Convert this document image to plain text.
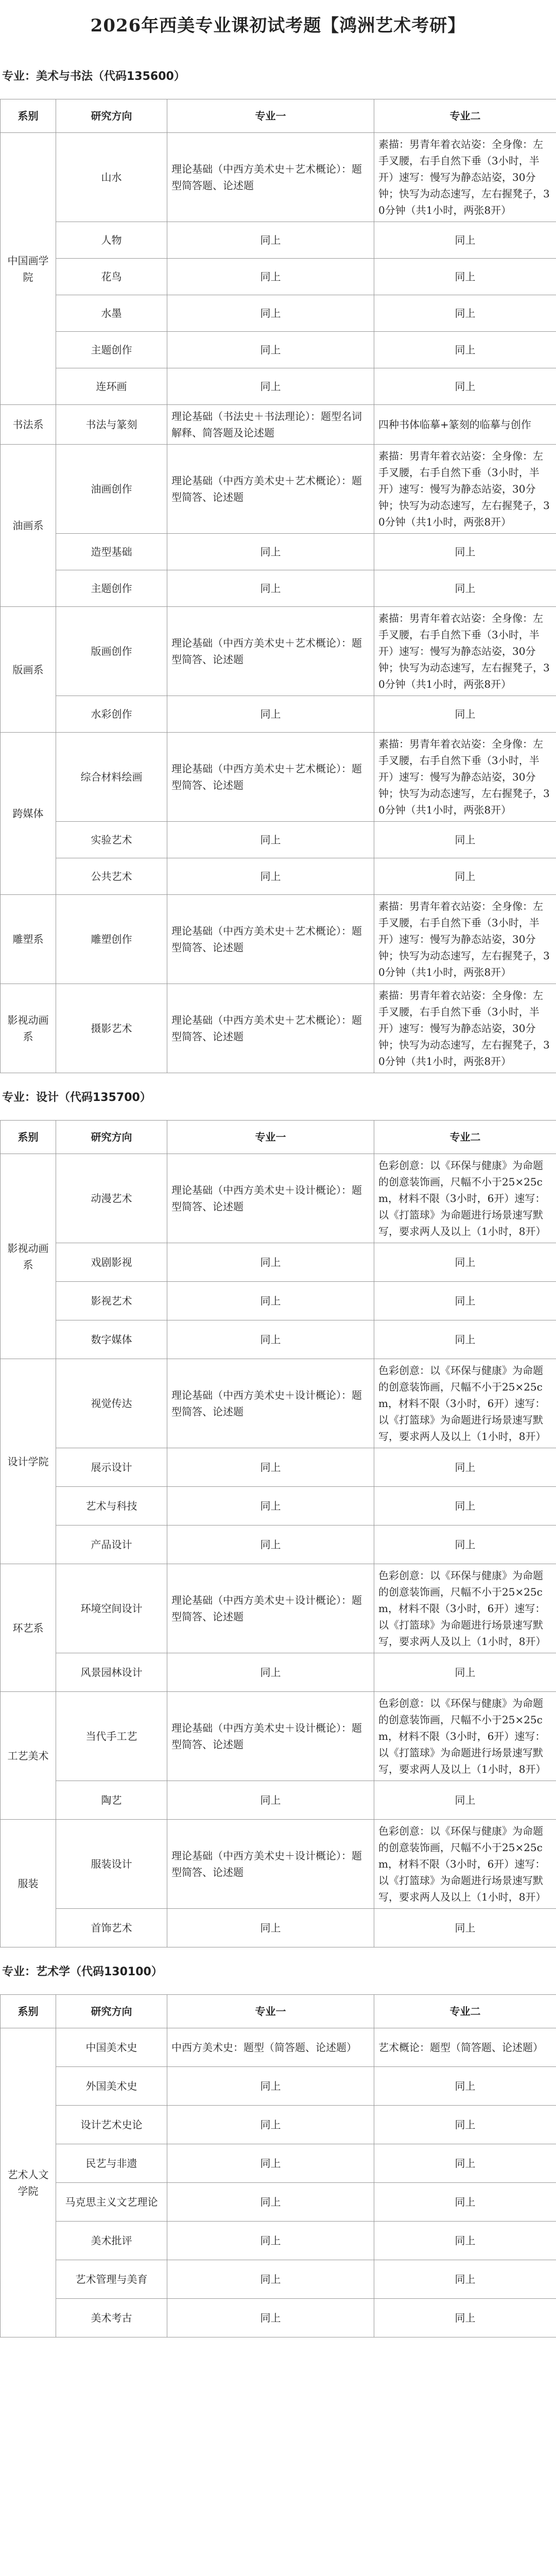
2026年西美专业课初试考题【鸿洲艺术考研】
专业：美术与书法（代码135600）
系别	研究方向	专业一	专业二
中国画学院	山水	理论基础（中西方美术史＋艺术概论）：题型简答题、论述题	素描：男青年着衣站姿：全身像：左手叉腰，右手自然下垂（3小时，半开）速写：慢写为静态站姿，30分钟；快写为动态速写，左右握凳子，30分钟（共1小时，两张8开）
	人物	同上	同上
	花鸟	同上	同上
	水墨	同上	同上
	主题创作	同上	同上
	连环画	同上	同上
书法系	书法与篆刻	理论基础（书法史＋书法理论）：题型名词解释、简答题及论述题	四种书体临摹+篆刻的临摹与创作
油画系	油画创作	理论基础（中西方美术史＋艺术概论）：题型简答、论述题	素描：男青年着衣站姿：全身像：左手叉腰，右手自然下垂（3小时，半开）速写：慢写为静态站姿，30分钟；快写为动态速写，左右握凳子，30分钟（共1小时，两张8开）
	造型基础	同上	同上
	主题创作	同上	同上
版画系	版画创作	理论基础（中西方美术史＋艺术概论）：题型简答、论述题	素描：男青年着衣站姿：全身像：左手叉腰，右手自然下垂（3小时，半开）速写：慢写为静态站姿，30分钟；快写为动态速写，左右握凳子，30分钟（共1小时，两张8开）
	水彩创作	同上	同上
跨媒体	综合材料绘画	理论基础（中西方美术史＋艺术概论）：题型简答、论述题	素描：男青年着衣站姿：全身像：左手叉腰，右手自然下垂（3小时，半开）速写：慢写为静态站姿，30分钟；快写为动态速写，左右握凳子，30分钟（共1小时，两张8开）
	实验艺术	同上	同上
	公共艺术	同上	同上
雕塑系	雕塑创作	理论基础（中西方美术史＋艺术概论）：题型简答、论述题	素描：男青年着衣站姿：全身像：左手叉腰，右手自然下垂（3小时，半开）速写：慢写为静态站姿，30分钟；快写为动态速写，左右握凳子，30分钟（共1小时，两张8开）
影视动画系	摄影艺术	理论基础（中西方美术史＋艺术概论）：题型简答、论述题	素描：男青年着衣站姿：全身像：左手叉腰，右手自然下垂（3小时，半开）速写：慢写为静态站姿，30分钟；快写为动态速写，左右握凳子，30分钟（共1小时，两张8开）
专业：设计（代码135700）
系别	研究方向	专业一	专业二
影视动画系	动漫艺术	理论基础（中西方美术史＋设计概论）：题型简答、论述题	色彩创意：以《环保与健康》为命题的创意装饰画，尺幅不小于25×25cm，材料不限（3小时，6开）速写：以《打篮球》为命题进行场景速写默写，要求两人及以上（1小时，8开）
	戏剧影视	同上	同上
	影视艺术	同上	同上
	数字媒体	同上	同上
设计学院	视觉传达	理论基础（中西方美术史＋设计概论）：题型简答、论述题	色彩创意：以《环保与健康》为命题的创意装饰画，尺幅不小于25×25cm，材料不限（3小时，6开）速写：以《打篮球》为命题进行场景速写默写，要求两人及以上（1小时，8开）
	展示设计	同上	同上
	艺术与科技	同上	同上
	产品设计	同上	同上
环艺系	环境空间设计	理论基础（中西方美术史＋设计概论）：题型简答、论述题	色彩创意：以《环保与健康》为命题的创意装饰画，尺幅不小于25×25cm，材料不限（3小时，6开）速写：以《打篮球》为命题进行场景速写默写，要求两人及以上（1小时，8开）
	风景园林设计	同上	同上
工艺美术	当代手工艺	理论基础（中西方美术史＋设计概论）：题型简答、论述题	色彩创意：以《环保与健康》为命题的创意装饰画，尺幅不小于25×25cm，材料不限（3小时，6开）速写：以《打篮球》为命题进行场景速写默写，要求两人及以上（1小时，8开）
	陶艺	同上	同上
服装	服装设计	理论基础（中西方美术史＋设计概论）：题型简答、论述题	色彩创意：以《环保与健康》为命题的创意装饰画，尺幅不小于25×25cm，材料不限（3小时，6开）速写：以《打篮球》为命题进行场景速写默写，要求两人及以上（1小时，8开）
	首饰艺术	同上	同上
专业：艺术学（代码130100）
系别	研究方向	专业一	专业二
艺术人文学院	中国美术史	中西方美术史：题型（简答题、论述题）	艺术概论：题型（简答题、论述题）
	外国美术史	同上	同上
	设计艺术史论	同上	同上
	民艺与非遗	同上	同上
	马克思主义文艺理论	同上	同上
	美术批评	同上	同上
	艺术管理与美育	同上	同上
	美术考古	同上	同上
